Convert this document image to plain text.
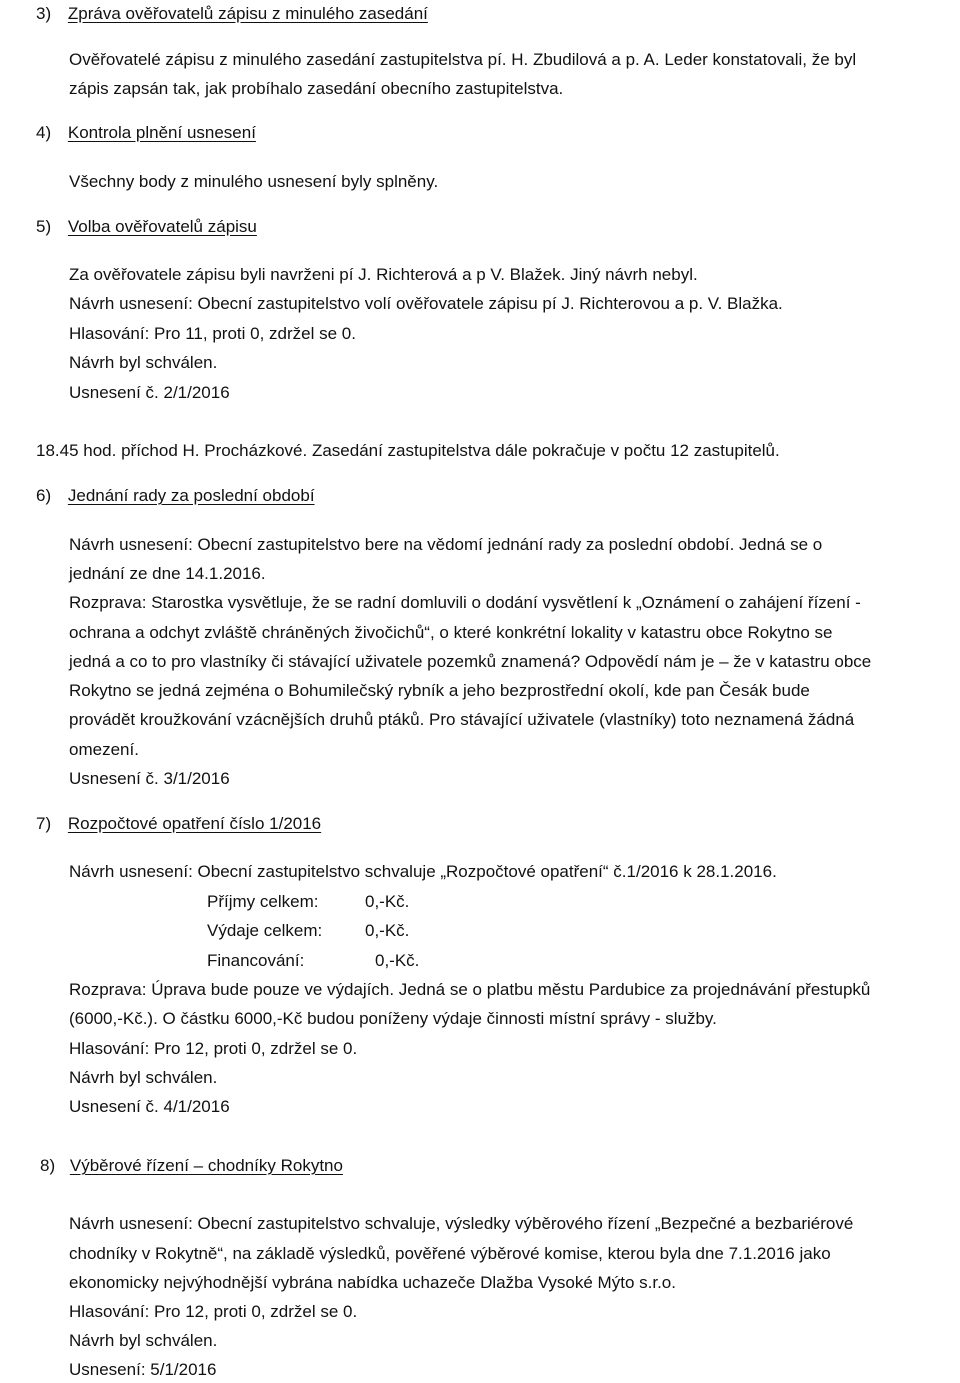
3) Zpráva ověřovatelů zápisu z minulého zasedání
Ověřovatelé zápisu z minulého zasedání zastupitelstva pí. H. Zbudilová a p. A. Leder konstatovali, že byl
zápis zapsán tak, jak probíhalo zasedání obecního zastupitelstva.
4) Kontrola plnění usnesení
Všechny body z minulého usnesení byly splněny.
5) Volba ověřovatelů zápisu
Za ověřovatele zápisu byli navrženi pí J. Richterová a p V. Blažek. Jiný návrh nebyl.
Návrh usnesení: Obecní zastupitelstvo volí ověřovatele zápisu pí J. Richterovou a p. V. Blažka.
Hlasování: Pro 11, proti 0, zdržel se 0.
Návrh byl schválen.
Usnesení č. 2/1/2016
18.45 hod. příchod H. Procházkové. Zasedání zastupitelstva dále pokračuje v počtu 12 zastupitelů.
6) Jednání rady za poslední období
Návrh usnesení: Obecní zastupitelstvo bere na vědomí jednání rady za poslední období. Jedná se o
jednání ze dne 14.1.2016.
Rozprava: Starostka vysvětluje, že se radní domluvili o dodání vysvětlení k „Oznámení o zahájení řízení -
ochrana a odchyt zvláště chráněných živočichů“, o které konkrétní lokality v katastru obce Rokytno se
jedná a co to pro vlastníky či stávající uživatele pozemků znamená? Odpovědí nám je – že v katastru obce
Rokytno se jedná zejména o Bohumilečský rybník a jeho bezprostřední okolí, kde pan Česák bude
provádět kroužkování vzácnějších druhů ptáků. Pro stávající uživatele (vlastníky) toto neznamená žádná
omezení.
Usnesení č. 3/1/2016
7) Rozpočtové opatření číslo 1/2016
Návrh usnesení: Obecní zastupitelstvo schvaluje „Rozpočtové opatření“ č.1/2016 k 28.1.2016.
Příjmy celkem:	0,-Kč.
Výdaje celkem:	0,-Kč.
Financování:	0,-Kč.
Rozprava: Úprava bude pouze ve výdajích. Jedná se o platbu městu Pardubice za projednávání přestupků
(6000,-Kč.). O částku 6000,-Kč budou poníženy výdaje činnosti místní správy - služby.
Hlasování: Pro 12, proti 0, zdržel se 0.
Návrh byl schválen.
Usnesení č. 4/1/2016
8) Výběrové řízení – chodníky Rokytno
Návrh usnesení: Obecní zastupitelstvo schvaluje, výsledky výběrového řízení „Bezpečné a bezbariérové
chodníky v Rokytně“, na základě výsledků, pověřené výběrové komise, kterou byla dne 7.1.2016 jako
ekonomicky nejvýhodnější vybrána nabídka uchazeče Dlažba Vysoké Mýto s.r.o.
Hlasování: Pro 12, proti 0, zdržel se 0.
Návrh byl schválen.
Usnesení: 5/1/2016
